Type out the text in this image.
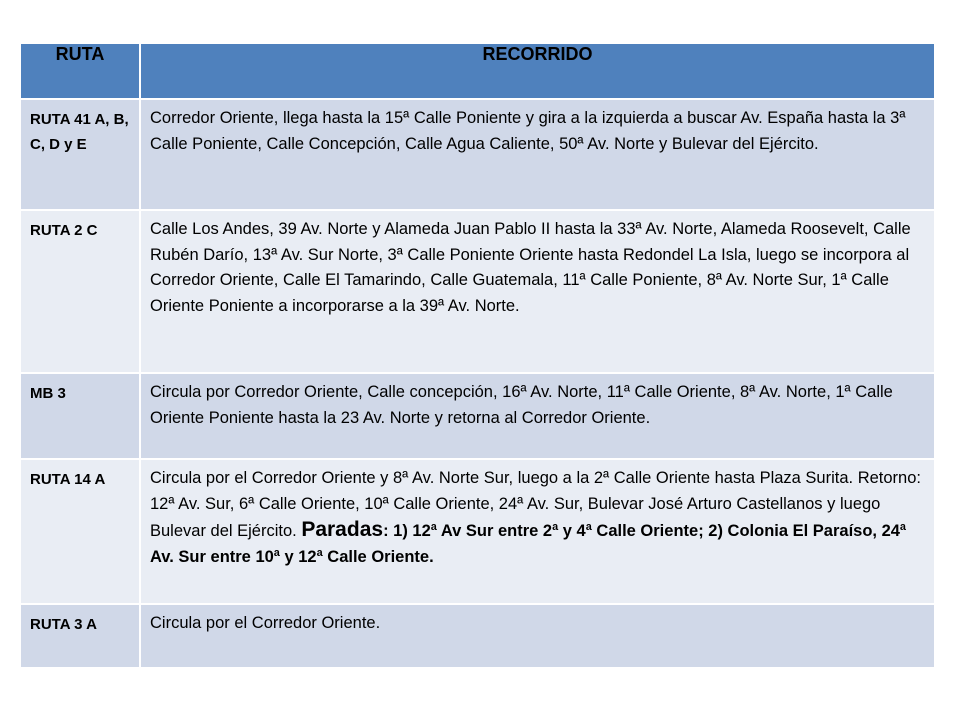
RUTA	RECORRIDO
RUTA 41 A, B, C, D y E	Corredor Oriente, llega hasta la 15ª Calle Poniente y gira a la izquierda a buscar Av. España hasta la 3ª Calle Poniente, Calle Concepción, Calle Agua Caliente, 50ª Av. Norte y Bulevar del Ejército.
RUTA 2 C	Calle Los Andes, 39 Av. Norte y Alameda Juan Pablo II hasta la 33ª Av. Norte, Alameda Roosevelt, Calle Rubén Darío, 13ª Av. Sur Norte, 3ª Calle Poniente Oriente hasta Redondel La Isla, luego se incorpora al Corredor Oriente, Calle El Tamarindo, Calle Guatemala, 11ª Calle Poniente, 8ª Av. Norte Sur, 1ª Calle Oriente Poniente a incorporarse a la 39ª Av. Norte.
MB 3	Circula por Corredor Oriente, Calle concepción, 16ª Av. Norte, 11ª Calle Oriente, 8ª Av. Norte, 1ª Calle Oriente Poniente hasta la 23 Av. Norte y retorna al Corredor Oriente.
RUTA 14 A	Circula por el Corredor Oriente y 8ª Av. Norte Sur, luego a la 2ª Calle Oriente hasta Plaza Surita. Retorno: 12ª Av. Sur, 6ª Calle Oriente, 10ª Calle Oriente, 24ª Av. Sur, Bulevar José Arturo Castellanos y luego Bulevar del Ejército. Paradas: 1) 12ª Av Sur entre 2ª y 4ª Calle Oriente; 2) Colonia El Paraíso, 24ª Av. Sur entre 10ª y 12ª Calle Oriente.
RUTA 3 A	Circula por el Corredor Oriente.
